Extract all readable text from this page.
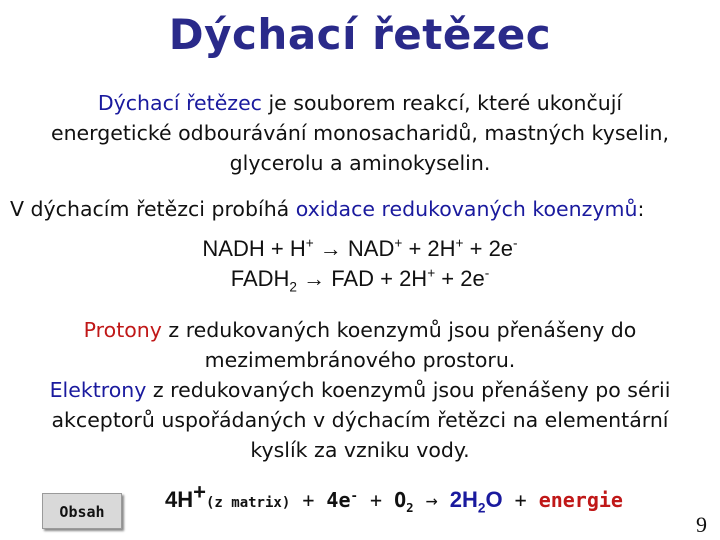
Dýchací řetězec
Dýchací řetězec je souborem reakcí, které ukončují
energetické odbourávání monosacharidů, mastných kyselin,
glycerolu a aminokyselin.
V dýchacím řetězci probíhá oxidace redukovaných koenzymů:
NADH + H+ → NAD+ + 2H+ + 2e-
$FADH_2$ → FAD + 2H+ + 2e-
Protony z redukovaných koenzymů jsou přenášeny do
mezimembránového prostoru.
Elektrony z redukovaných koenzymů jsou přenášeny po sérii
akceptorů uspořádaných v dýchacím řetězci na elementární
kyslík za vzniku vody.
Obsah	4H+(z matrix) + $4e^- + O_2 \to 2H_2O$ + energie
9
